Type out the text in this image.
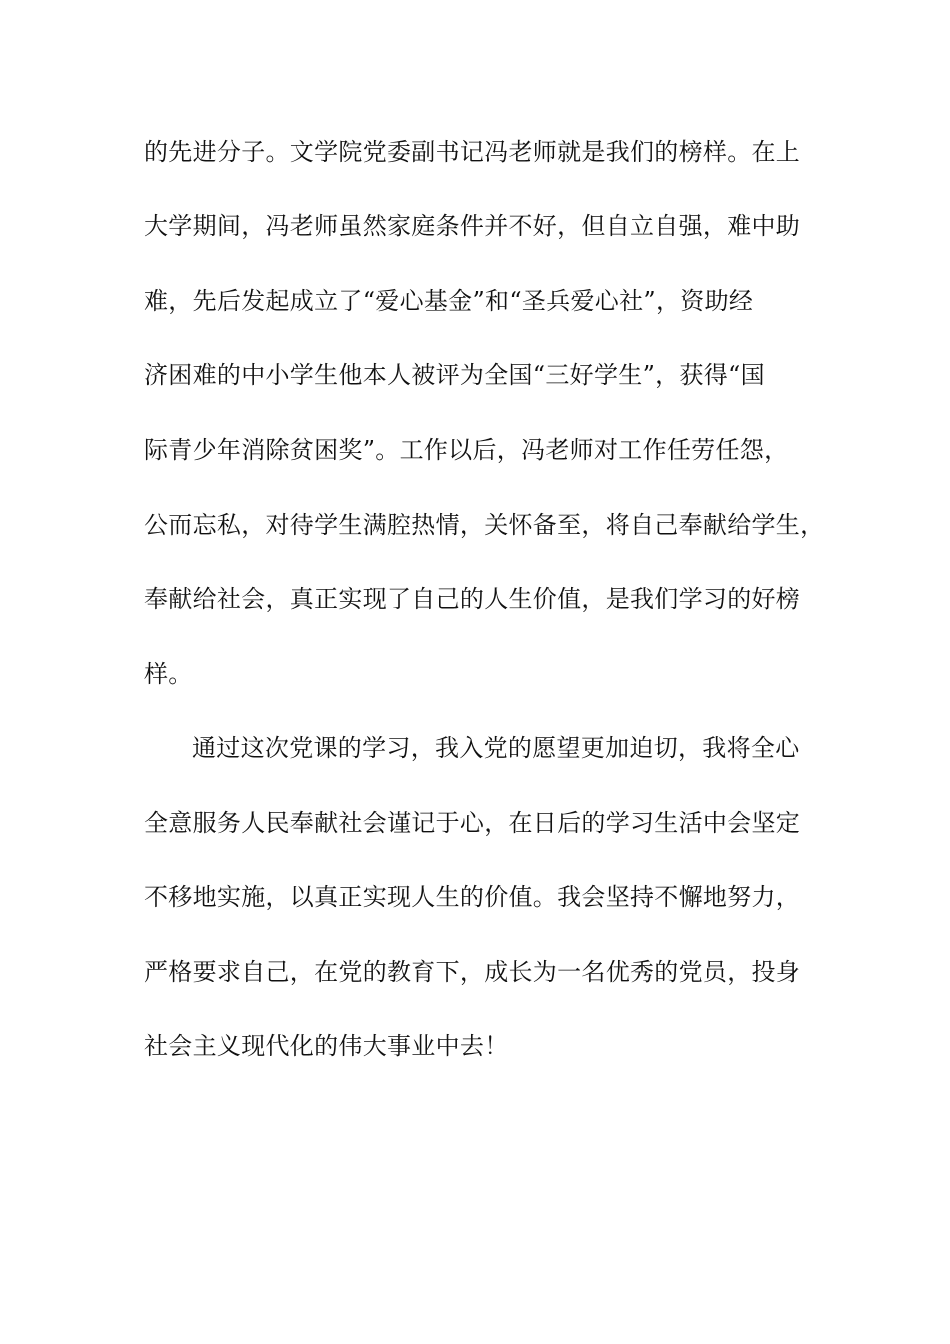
的先进分子。文学院党委副书记冯老师就是我们的榜样。在上
大学期间，冯老师虽然家庭条件并不好，但自立自强，难中助
难，先后发起成立了“爱心基金”和“圣兵爱心社”，资助经
济困难的中小学生他本人被评为全国“三好学生”，获得“国
际青少年消除贫困奖”。工作以后，冯老师对工作任劳任怨，
公而忘私，对待学生满腔热情，关怀备至，将自己奉献给学生，
奉献给社会，真正实现了自己的人生价值，是我们学习的好榜
样。
通过这次党课的学习，我入党的愿望更加迫切，我将全心
全意服务人民奉献社会谨记于心，在日后的学习生活中会坚定
不移地实施，以真正实现人生的价值。我会坚持不懈地努力，
严格要求自己，在党的教育下，成长为一名优秀的党员，投身
社会主义现代化的伟大事业中去！
